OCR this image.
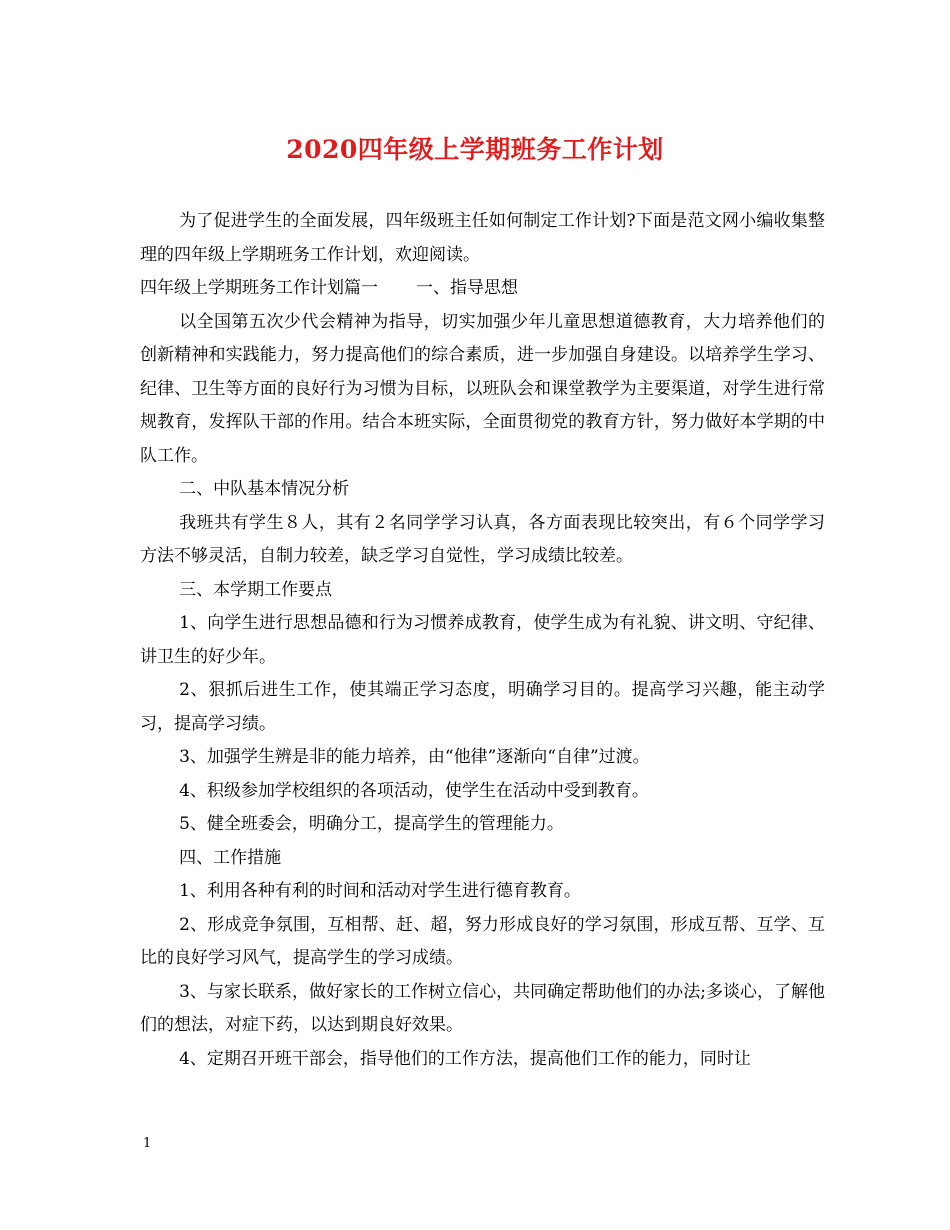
2020四年级上学期班务工作计划

为了促进学生的全面发展，四年级班主任如何制定工作计划?下面是范文网小编收集整理的四年级上学期班务工作计划，欢迎阅读。

四年级上学期班务工作计划篇一 一、指导思想

以全国第五次少代会精神为指导，切实加强少年儿童思想道德教育，大力培养他们的创新精神和实践能力，努力提高他们的综合素质，进一步加强自身建设。以培养学生学习、纪律、卫生等方面的良好行为习惯为目标，以班队会和课堂教学为主要渠道，对学生进行常规教育，发挥队干部的作用。结合本班实际，全面贯彻党的教育方针，努力做好本学期的中队工作。

二、中队基本情况分析

我班共有学生８人，其有２名同学学习认真，各方面表现比较突出，有６个同学学习方法不够灵活，自制力较差，缺乏学习自觉性，学习成绩比较差。

三、本学期工作要点

1、向学生进行思想品德和行为习惯养成教育，使学生成为有礼貌、讲文明、守纪律、讲卫生的好少年。

2、狠抓后进生工作，使其端正学习态度，明确学习目的。提高学习兴趣，能主动学习，提高学习绩。

3、加强学生辨是非的能力培养，由“他律”逐渐向“自律”过渡。

4、积级参加学校组织的各项活动，使学生在活动中受到教育。

5、健全班委会，明确分工，提高学生的管理能力。

四、工作措施

1、利用各种有利的时间和活动对学生进行德育教育。

2、形成竞争氛围，互相帮、赶、超，努力形成良好的学习氛围，形成互帮、互学、互比的良好学习风气，提高学生的学习成绩。

3、与家长联系，做好家长的工作树立信心，共同确定帮助他们的办法;多谈心，了解他们的想法，对症下药，以达到期良好效果。

4、定期召开班干部会，指导他们的工作方法，提高他们工作的能力，同时让

1
